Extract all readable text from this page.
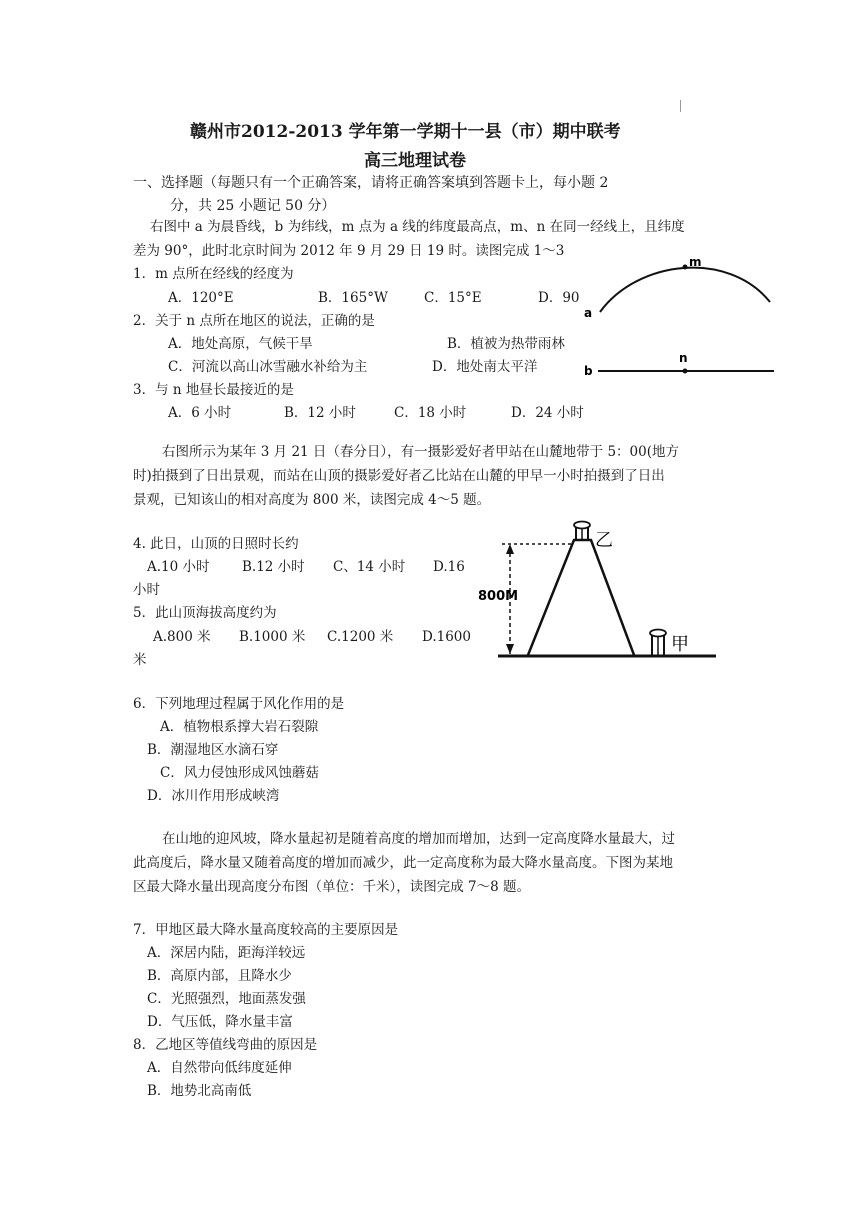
赣州市2012-2013 学年第一学期十一县（市）期中联考
高三地理试卷
一、选择题（每题只有一个正确答案，请将正确答案填到答题卡上，每小题 2
分，共 25 小题记 50 分）
右图中 a 为晨昏线，b 为纬线，m 点为 a 线的纬度最高点，m、n 在同一经线上，且纬度
差为 90°，此时北京时间为 2012 年 9 月 29 日 19 时。读图完成 1～3
1．m 点所在经线的经度为
A．120°E	B．165°W	C．15°E	D．90
2．关于 n 点所在地区的说法，正确的是
A．地处高原，气候干旱	B．植被为热带雨林
C．河流以高山冰雪融水补给为主	D．地处南太平洋
3．与 n 地昼长最接近的是
A．6 小时	B．12 小时	C．18 小时	D．24 小时
m
a
n
b
右图所示为某年 3 月 21 日（春分日），有一摄影爱好者甲站在山麓地带于 5：00(地方
时)拍摄到了日出景观，而站在山顶的摄影爱好者乙比站在山麓的甲早一小时拍摄到了日出
景观，已知该山的相对高度为 800 米，读图完成 4～5 题。
4. 此日，山顶的日照时长约
A.10 小时 B.12 小时 C、14 小时 D.16
小时
5．此山顶海拔高度约为
A.800 米 B.1000 米 C.1200 米 D.1600
米
800M
乙
甲
6．下列地理过程属于风化作用的是
A．植物根系撑大岩石裂隙
B．潮湿地区水滴石穿
C．风力侵蚀形成风蚀蘑菇
D．冰川作用形成峡湾
在山地的迎风坡，降水量起初是随着高度的增加而增加，达到一定高度降水量最大，过
此高度后，降水量又随着高度的增加而减少，此一定高度称为最大降水量高度。下图为某地
区最大降水量出现高度分布图（单位：千米），读图完成 7～8 题。
7．甲地区最大降水量高度较高的主要原因是
A．深居内陆，距海洋较远
B．高原内部，且降水少
C．光照强烈，地面蒸发强
D．气压低，降水量丰富
8．乙地区等值线弯曲的原因是
A．自然带向低纬度延伸
B．地势北高南低
